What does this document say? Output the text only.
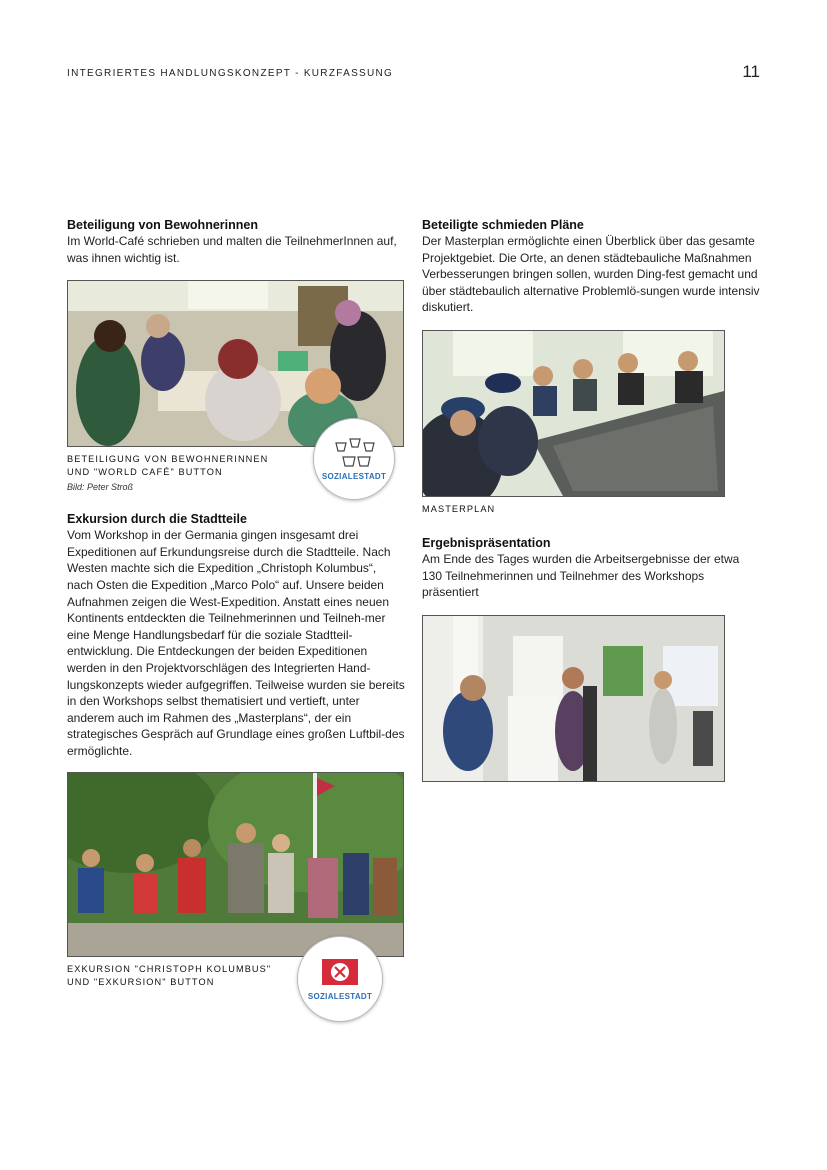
INTEGRIERTES HANDLUNGSKONZEPT - KURZFASSUNG	11
Beteiligung von Bewohnerinnen

Im World-Café schrieben und malten die TeilnehmerInnen auf, was ihnen wichtig ist.

BETEILIGUNG VON BEWOHNERINNEN
UND "WORLD CAFÉ" BUTTON
Bild: Peter Stroß
SOZIALESTADT
Exkursion durch die Stadtteile

Vom Workshop in der Germania gingen insgesamt drei Expeditionen auf Erkundungsreise durch die Stadtteile. Nach Westen machte sich die Expedition „Christoph Kolumbus“, nach Osten die Expedition „Marco Polo“ auf. Unsere beiden Aufnahmen zeigen die West-Expedition. Anstatt eines neuen Kontinents entdeckten die Teilnehmerinnen und Teilneh-mer eine Menge Handlungsbedarf für die soziale Stadtteil-entwicklung. Die Entdeckungen der beiden Expeditionen werden in den Projektvorschlägen des Integrierten Hand-lungskonzepts wieder aufgegriffen. Teilweise wurden sie bereits in den Workshops selbst thematisiert und vertieft, unter anderem auch im Rahmen des „Masterplans“, der ein strategisches Gespräch auf Grundlage eines großen Luftbil-des ermöglichte.

EXKURSION "CHRISTOPH KOLUMBUS"
UND "EXKURSION" BUTTON
SOZIALESTADT
Beteiligte schmieden Pläne

Der Masterplan ermöglichte einen Überblick über das gesamte Projektgebiet. Die Orte, an denen städtebauliche Maßnahmen Verbesserungen bringen sollen, wurden Ding-fest gemacht und über städtebaulich alternative Problemlö-sungen wurde intensiv diskutiert.

MASTERPLAN
Ergebnispräsentation

Am Ende des Tages wurden die Arbeitsergebnisse der etwa 130 Teilnehmerinnen und Teilnehmer des Workshops präsentiert
